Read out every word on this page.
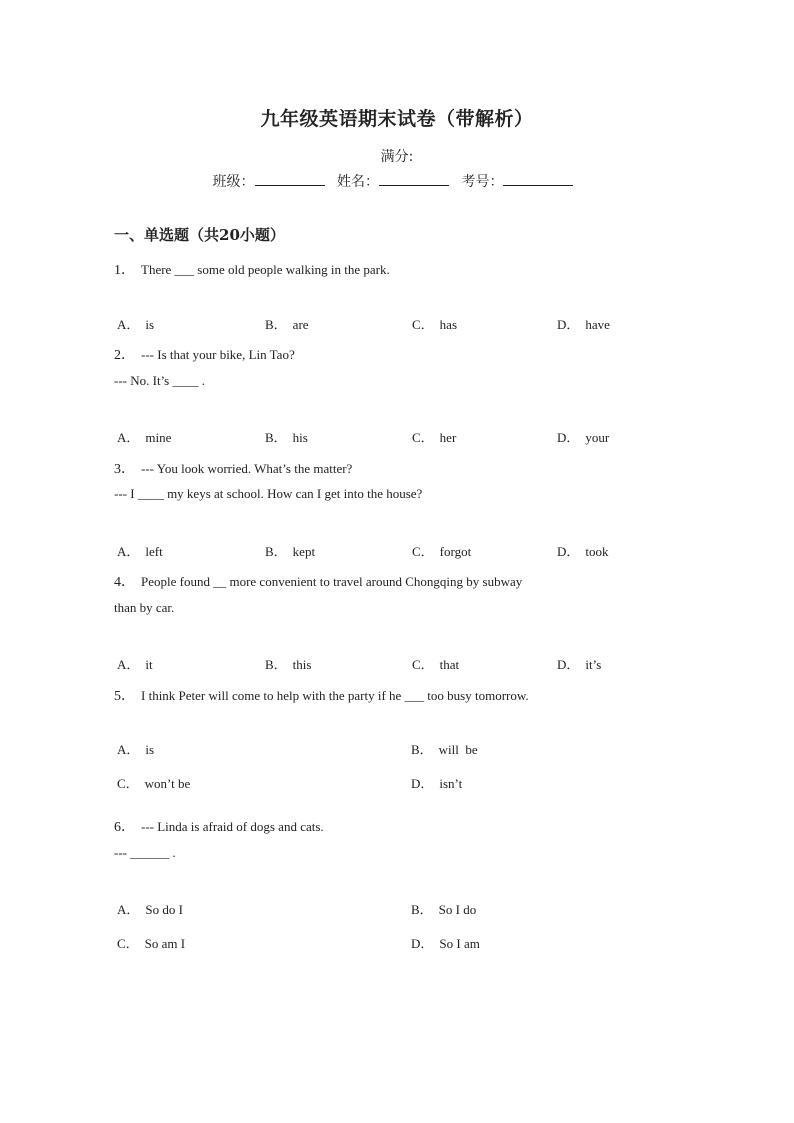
九年级英语期末试卷（带解析）
满分:
班级：	姓名：	考号：
一、单选题（共20小题）
1． There ___ some old people walking in the park.
A． is	B． are	C． has	D． have
2． --- Is that your bike, Lin Tao?
--- No. It’s ____ .
A． mine	B． his	C． her	D． your
3． --- You look worried. What’s the matter?
--- I ____ my keys at school. How can I get into the house?
A． left	B． kept	C． forgot	D． took
4． People found __ more convenient to travel around Chongqing by subway
than by car.
A． it	B． this	C． that	D． it’s
5． I think Peter will come to help with the party if he ___ too busy tomorrow.
A． is	B． will  be
C． won’t be	D． isn’t
6． --- Linda is afraid of dogs and cats.
--- ______ .
A． So do I	B． So I do
C． So am I	D． So I am
